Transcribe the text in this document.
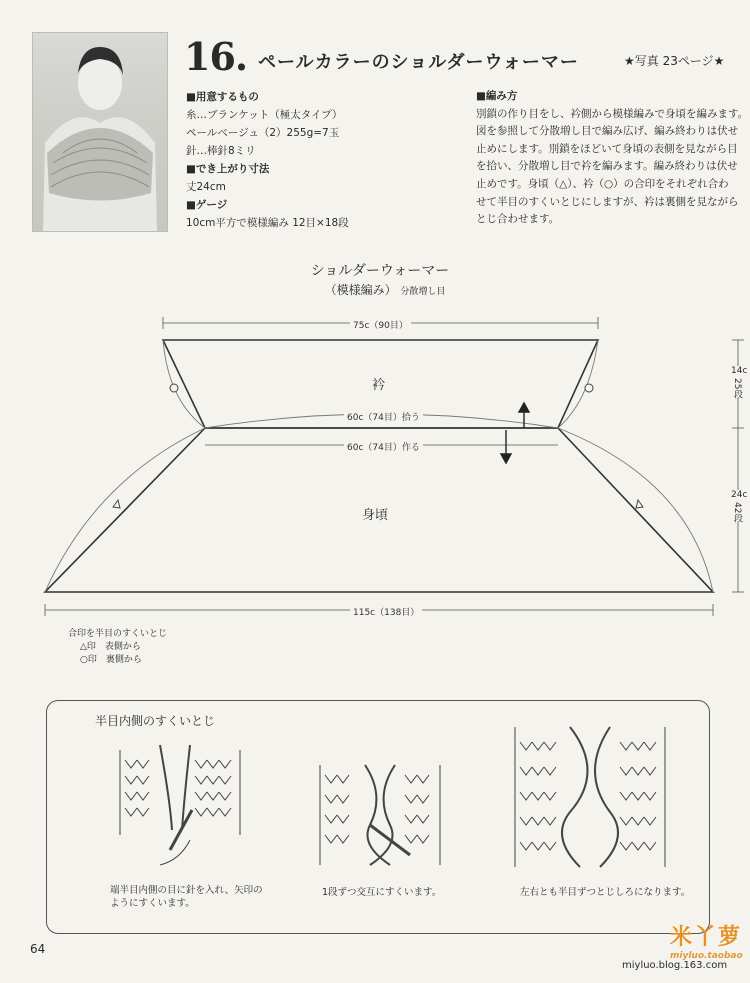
16. ペールカラーのショルダーウォーマー	★写真 23ページ★
■用意するもの
糸…ブランケット（極太タイプ）
ペールベージュ（2）255g=7玉
針…棒針8ミリ
■でき上がり寸法
丈24cm
■ゲージ
10cm平方で模様編み 12目×18段
■編み方
別鎖の作り目をし、衿側から模様編みで身頃を編みます。
図を参照して分散増し目で編み広げ、編み終わりは伏せ
止めにします。別鎖をほどいて身頃の表側を見ながら目
を拾い、分散増し目で衿を編みます。編み終わりは伏せ
止めです。身頃（△）、衿（○）の合印をそれぞれ合わ
せて半目のすくいとじにしますが、衿は裏側を見ながら
とじ合わせます。
ショルダーウォーマー
（模様編み） 分散増し目
75c（90目）
衿
60c（74目）拾う
60c（74目）作る
身頃
115c（138目）
14c
25段
24c
42段
合印を半目のすくいとじ
△印　表側から
○印　裏側から
半目内側のすくいとじ
端半目内側の目に針を入れ、矢印の
ようにすくいます。
1段ずつ交互にすくいます。	左右とも半目ずつとじしろになります。
64	米丫萝
miyluo.taobao
miyluo.blog.163.com
